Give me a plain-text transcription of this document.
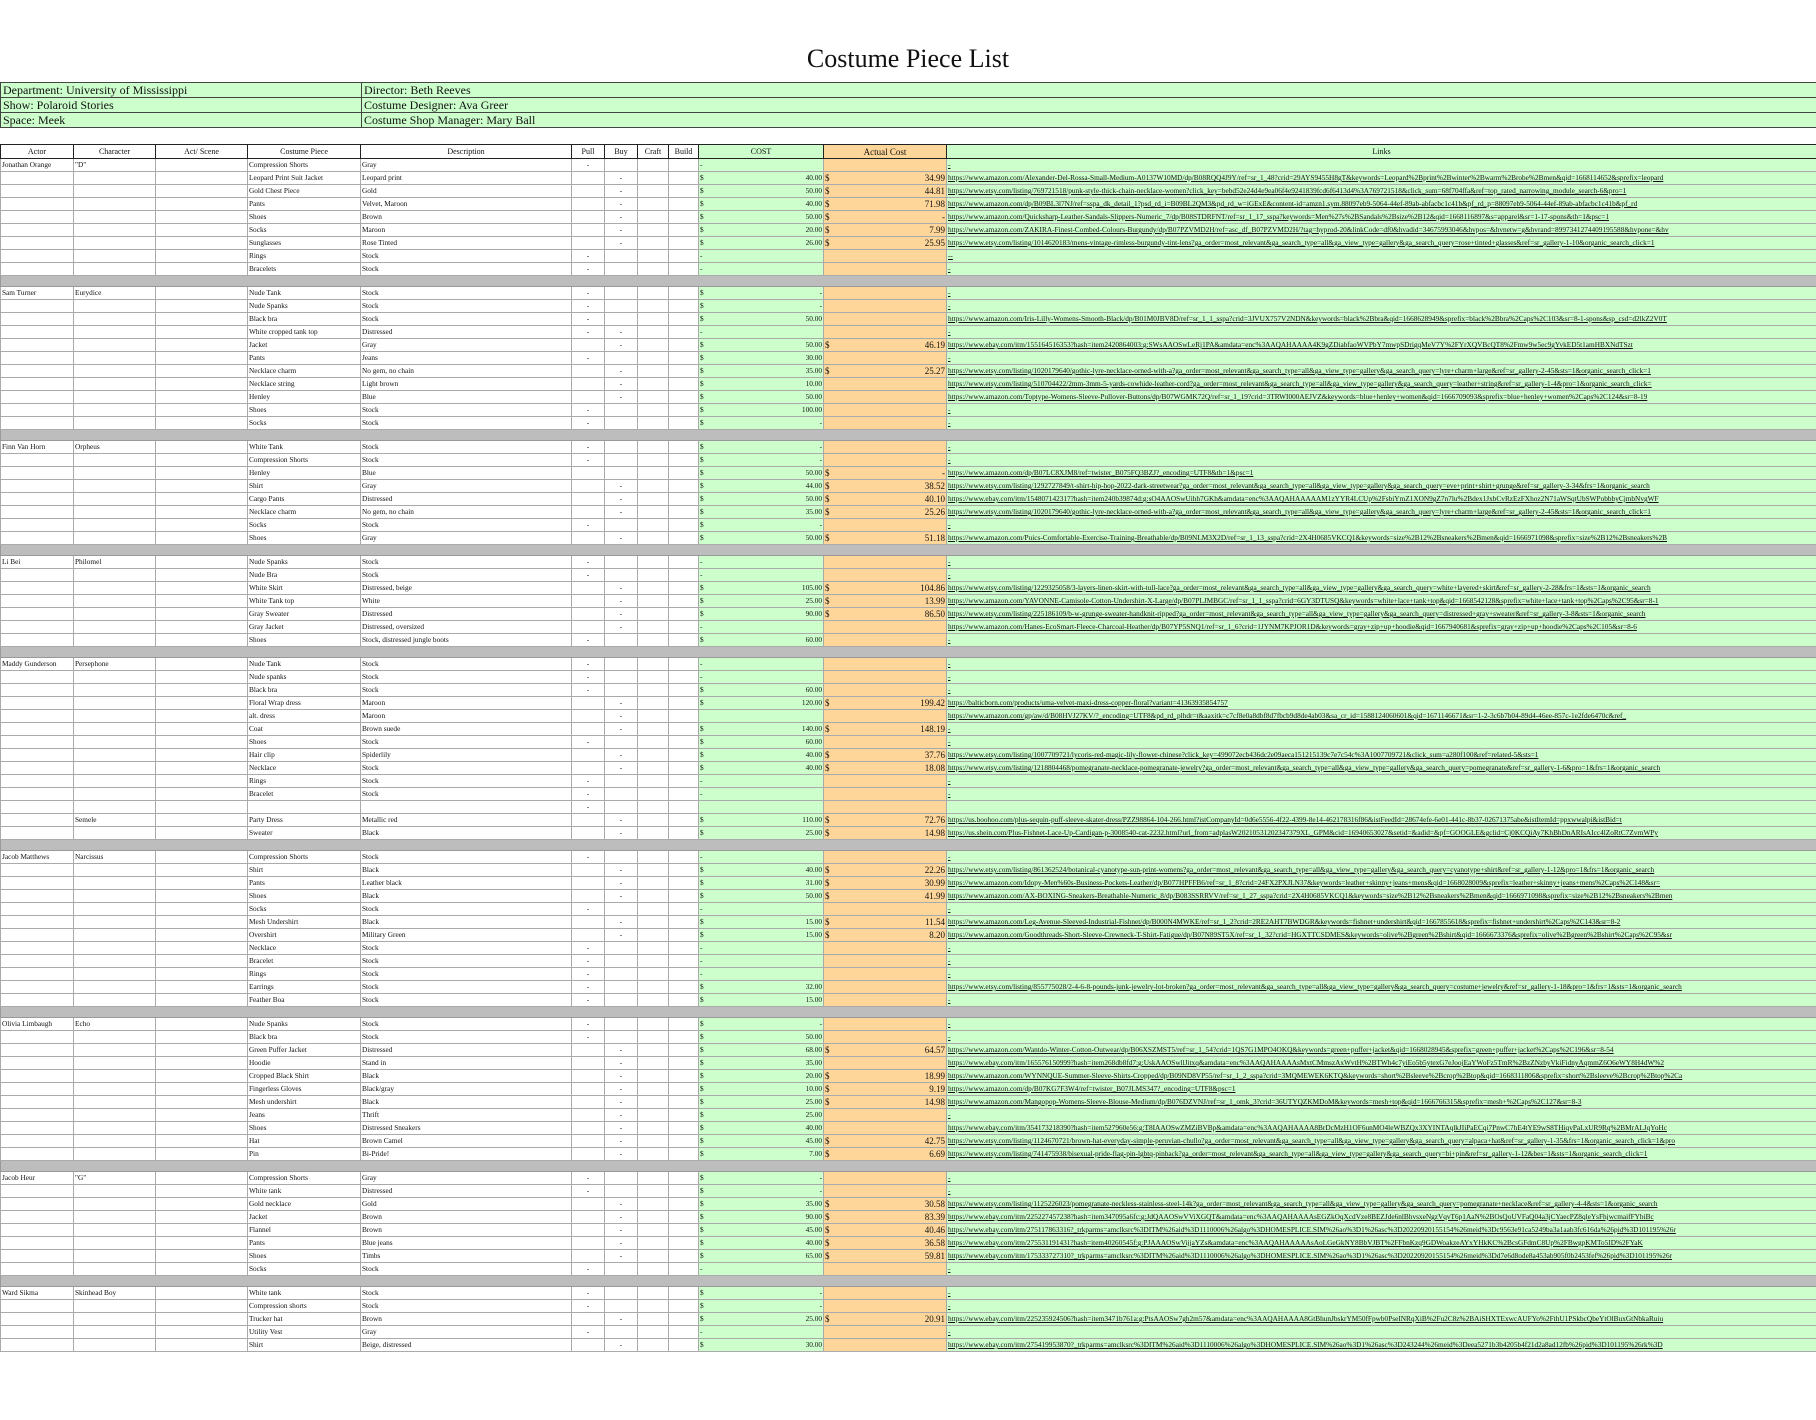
Costume Piece List
Department: University of Mississippi	Director: Beth Reeves
Show: Polaroid Stories	Costume Designer: Ava Greer
Space: Meek	Costume Shop Manager: Mary Ball
Actor	Character	Act/ Scene	Costume Piece	Description	Pull	Buy	Craft	Build	COST	Actual Cost	Links
Jonathan Orange	"D"		Compression Shorts	Gray	-				-		-
			Leopard Print Suit Jacket	Leopard print		-			$ 40.00	$ 34.99	https://www.amazon.com/Alexander-Del-Rossa-Small-Medium-A0137W10MD/dp/B08RQQ4J9Y/ref=sr_1_48?crid=29AYS9455H8gT&keywords=Leopard%2Bprint%2Bwinter%2Bwarm%2Brobe%2Bmen&qid=1668114652&sprefix=leopard
			Gold Chest Piece	Gold		-			$ 50.00	$ 44.81	https://www.etsy.com/listing/769721518/punk-style-thick-chain-necklace-women?click_key=bebd52e24d4e9ea06f4e9241839fcd6f6413d4%3A769721518&click_sum=68f704ffa&ref=top_rated_narrowing_module_search-6&pro=1
			Pants	Velvet, Maroon		-			$ 40.00	$ 71.98	https://www.amazon.com/dp/B09BL3l7NJ/ref=sspa_dk_detail_1?psd_rd_i=B09BL2QM3&pd_rd_w=iGExE&content-id=amzn1.sym.88097eb9-5064-44ef-89ab-abfacbc1c41b&pf_rd_p=88097eb9-5064-44ef-89ab-abfacbc1c41b&pf_rd
			Shoes	Brown		-			$ 50.00	$ -	https://www.amazon.com/Quicksharp-Leather-Sandals-Slippers-Numeric_7/dp/B08STDRFNT/ref=sr_1_17_sspa?keywords=Men%27s%2BSandals%2Bsize%2B12&qid=1668116897&s=apparel&sr=1-17-spons&th=1&psc=1
			Socks	Maroon		-			$ 20.00	$ 7.99	https://www.amazon.com/ZAKIRA-Finest-Combed-Colours-Burgundy/dp/B07PZVMD2H/ref=asc_df_B07PZVMD2H/?tag=hyprod-20&linkCode=df0&hvadid=34675993046&hvpos=&hvnetw=g&hvrand=8997341274409195588&hvpone=&hv
			Sunglasses	Rose Tinted		-			$ 26.00	$ 25.95	https://www.etsy.com/listing/1014620183/mens-vintage-rimless-burgundy-tint-lens?ga_order=most_relevant&ga_search_type=all&ga_view_type=gallery&ga_search_query=rose+tinted+glasses&ref=sr_gallery-1-10&organic_search_click=1
			Rings	Stock	-				-		--
			Bracelets	Stock	-				-		-

Sam Turner	Eurydice		Nude Tank	Stock	-				$ -		-
			Nude Spanks	Stock	-				$ -		-
			Black bra	Stock	-				$ 50.00		https://www.amazon.com/Iris-Lilly-Womens-Smooth-Black/dp/B01M0JBV8D/ref=sr_1_1_sspa?crid=3JVUX757V2NDN&keywords=black%2Bbra&qid=1668628949&sprefix=black%2Bbra%2Caps%2C103&sr=8-1-spons&sp_csd=d2lkZ2V0T
			White cropped tank top	Distressed	-	-			-		-
			Jacket	Gray		-			$ 50.00	$ 46.19	https://www.ebay.com/itm/155164516353?hash=item2420864003:g:SWsAAOSwLeRj1PA&amdata=enc%3AAQAHAAAA4K9gZDiabfaoWVPbY7mwpSDrigqMeV7Y%2FYrXQVBcQT8%2Fmw9w5ec9gYvkED5t1amHBXNdTSzt
			Pants	Jeans	-				$ 30.00		-
			Necklace charm	No gem, no chain		-			$ 35.00	$ 25.27	https://www.etsy.com/listing/1020179640/gothic-lyre-necklace-orned-with-a?ga_order=most_relevant&ga_search_type=all&ga_view_type=gallery&ga_search_query=lyre+charm+large&ref=sr_gallery-2-45&sts=1&organic_search_click=1
			Necklace string	Light brown		-			$ 10.00		https://www.etsy.com/listing/510704422/2mm-3mm-5-yards-cowhide-leather-cord?ga_order=most_relevant&ga_search_type=all&ga_view_type=gallery&ga_search_query=leather+string&ref=sr_gallery-1-4&pro=1&organic_search_click=
			Henley	Blue		-			$ 50.00		https://www.amazon.com/Toptype-Womens-Sleeve-Pullover-Buttons/dp/B07WGMK72Q/ref=sr_1_19?crid=3TRWI000AEJVZ&keywords=blue+henley+women&qid=1666709093&sprefix=blue+henley+women%2Caps%2C124&sr=8-19
			Shoes	Stock	-				$ 100.00		-
			Socks	Stock	-				$ -		-

Finn Van Horn	Orpheus		White Tank	Stock	-				$ -		-
			Compression Shorts	Stock	-				$ -		-
			Henley	Blue					$ 50.00	$ -	https://www.amazon.com/dp/B07LC8XJM8/ref=twister_B075FQ3BZJ?_encoding=UTF8&th=1&psc=1
			Shirt	Gray		-			$ 44.00	$ 38.52	https://www.etsy.com/listing/1292727849/t-shirt-hip-hop-2022-dark-streetwear?ga_order=most_relevant&ga_search_type=all&ga_view_type=gallery&ga_search_query=eve+print+shirt+grunge&ref=sr_gallery-3-34&frs=1&organic_search
			Cargo Pants	Distressed		-			$ 50.00	$ 40.10	https://www.ebay.com/itm/154807142317?hash=item240b39874d:g:sO4AAOSwUihh7GKh&amdata=enc%3AAQAHAAAAAM1zYYR4LCUp%2FsbiYmZ1XON9gZ7n7lu%2Bdex1JxbCvRzEzFXhoz2N71aWSqtUbSWPobbbyCjmbNvgWF
			Necklace charm	No gem, no chain		-			$ 35.00	$ 25.26	https://www.etsy.com/listing/1020179640/gothic-lyre-necklace-orned-with-a?ga_order=most_relevant&ga_search_type=all&ga_view_type=gallery&ga_search_query=lyre+charm+large&ref=sr_gallery-2-45&sts=1&organic_search_click=1
			Socks	Stock	-				$ -		-
			Shoes	Gray		-			$ 50.00	$ 51.18	https://www.amazon.com/Puics-Comfortable-Exercise-Training-Breathable/dp/B09NLM3X2D/ref=sr_1_13_sspa?crid=2X4H0685VKCQ1&keywords=size%2B12%2Bsneakers%2Bmen&qid=1666971098&sprefix=size%2B12%2Bsneakers%2B

Li Bei	Philomel		Nude Spanks	Stock	-				-		-
			Nude Bra	Stock	-				-		-
			White Skirt	Distressed, beige		-			$ 105.00	$ 104.86	https://www.etsy.com/listing/1229325058/3-layers-linen-skirt-with-tull-lace?ga_order=most_relevant&ga_search_type=all&ga_view_type=gallery&ga_search_query=white+layered+skirt&ref=sr_gallery-2-28&frs=1&sts=1&organic_search
			White Tank top	White		-			$ 25.00	$ 13.99	https://www.amazon.com/YAVONNE-Camisole-Cotton-Undershirt-X-Large/dp/B07PLJMBGC/ref=sr_1_1_sspa?crid=6GY3DTUSQ&keywords=white+lace+tank+top&qid=1668542128&sprefix=white+lace+tank+top%2Caps%2C95&sr=8-1
			Gray Sweater	Distressed		-			$ 90.00	$ 86.50	https://www.etsy.com/listing/225186109/b-w-grunge-sweater-handknit-ripped?ga_order=most_relevant&ga_search_type=all&ga_view_type=gallery&ga_search_query=distressed+gray+sweater&ref=sr_gallery-3-8&sts=1&organic_search
			Gray Jacket	Distressed, oversized		-			-		https://www.amazon.com/Hanes-EcoSmart-Fleece-Charcoal-Heather/dp/B07YP5SNQ1/ref=sr_1_6?crid=1JYNM7KPJOR1D&keywords=gray+zip+up+hoodie&qid=1667940681&sprefix=gray+zip+up+hoodie%2Caps%2C105&sr=8-6
			Shoes	Stock, distressed jungle boots	-				$ 60.00		-

Maddy Gunderson	Persephone		Nude Tank	Stock	-				-		-
			Nude spanks	Stock	-				-		-
			Black bra	Stock	-				$ 60.00		-
			Floral Wrap dress	Maroon		-			$ 120.00	$ 199.42	https://balticborn.com/products/uma-velvet-maxi-dress-copper-floral?variant=41363935854757
			alt. dress	Maroon		-					https://www.amazon.com/gp/aw/d/B08HVJ27KV/?_encoding=UTF8&pd_rd_plhdr=t&aaxitk=c7cf8e0a8dbf8d7fbcb9d8de4ab03&sa_cr_id=1588124060601&qid=1671146671&sr=1-2-3c6b7b04-89d4-46ee-857c-1e2fde6470c&ref_
			Coat	Brown suede		-			$ 140.00	$ 148.19	-
			Shoes	Stock	-				$ 60.00		-
			Hair clip	Spiderlily		-			$ 40.00	$ 37.76	https://www.etsy.com/listing/1007709721/lycoris-red-magic-lily-flower-chinese?click_key=499072ecb436dc2e09aeca151215139c7e7c54c%3A1007709721&click_sum=a280f100&ref=related-5&sts=1
			Necklace	Stock		-			$ 40.00	$ 18.08	https://www.etsy.com/listing/1218804468/pomegranate-necklace-pomegranate-jewelry?ga_order=most_relevant&ga_search_type=all&ga_view_type=gallery&ga_search_query=pomegranate&ref=sr_gallery-1-6&pro=1&frs=1&organic_search
			Rings	Stock	-				-		-
			Bracelet	Stock	-				-		-
					-						
	Semele		Party Dress	Metallic red		-			$ 110.00	$ 72.76	https://us.boohoo.com/plus-sequin-puff-sleeve-skater-dress/PZZ98864-104-266.html?istCompanyId=0d6e5556-4f22-4399-8e14-462178316f86&istFeedId=28674efe-6e01-441c-8b37-02671375abe&istItemId=ppxwwalpi&istBid=t
			Sweater	Black		-			$ 25.00	$ 14.98	https://us.shein.com/Plus-Fishnet-Lace-Up-Cardigan-p-3008540-cat-2232.html?url_from=adplasW20210531202347379XL_GPM&cid=16940653027&setid=&adid=&pf=GOOGLE&gclid=Cj0KCQiAy7KhBhDnARIsAIcc4lZoRtC7ZvrnWPy

Jacob Matthews	Narcissus		Compression Shorts	Stock	-				-		-
			Shirt	Black		-			$ 40.00	$ 22.26	https://www.etsy.com/listing/861362524/botanical-cyanotype-sun-print-womens?ga_order=most_relevant&ga_search_type=all&ga_view_type=gallery&ga_search_query=cyanotype+shirt&ref=sr_gallery-1-12&pro=1&frs=1&organic_search
			Pants	Leather black		-			$ 31.00	$ 30.99	https://www.amazon.com/Idopy-Men%60s-Business-Pockets-Leather/dp/B077HPFFB6/ref=sr_1_8?crid=24FX2PXJLN37&keywords=leather+skinny+jeans+mens&qid=1668028009&sprefix=leather+skinny+jeans+mens%2Caps%2C148&sr=
			Shoes	Black		-			$ 50.00	$ 41.99	https://www.amazon.com/AX-BOXING-Sneakers-Breathable-Numeric_8/dp/B083SSRRVV/ref=sr_1_27_sspa?crid=2X4H0685VKCQ1&keywords=size%2B12%2Bsneakers%2Bmen&qid=1666971098&sprefix=size%2B12%2Bsneakers%2Bmen
			Socks	Stock	-				-		-
			Mesh Undershirt	Black		-			$ 15.00	$ 11.54	https://www.amazon.com/Leg-Avenue-Sleeved-Industrial-Fishnet/dp/B000N4MWKE/ref=sr_1_2?crid=2RE2AHT7BWDGR&keywords=fishnet+undershirt&qid=1667855618&sprefix=fishnet+undershirt%2Caps%2C143&sr=8-2
			Overshirt	Military Green		-			$ 15.00	$ 8.20	https://www.amazon.com/Goodthreads-Short-Sleeve-Crewneck-T-Shirt-Fatigue/dp/B07N89ST5X/ref=sr_1_32?crid=HGXTTCSDMES&keywords=olive%2Bgreen%2Bshirt&qid=1666673376&sprefix=olive%2Bgreen%2Bshirt%2Caps%2C95&sr
			Necklace	Stock	-				-		-
			Bracelet	Stock	-				-		-
			Rings	Stock	-				-		-
			Earrings	Stock	-				$ 32.00		https://www.etsy.com/listing/855775028/2-4-6-8-pounds-junk-jewelry-lot-broken?ga_order=most_relevant&ga_search_type=all&ga_view_type=gallery&ga_search_query=costume+jewelry&ref=sr_gallery-1-18&pro=1&frs=1&sts=1&organic_search
			Feather Boa	Stock	-				$ 15.00		-

Olivia Limbaugh	Echo		Nude Spanks	Stock	-				$ -		-
			Black bra	Stock	-				$ 50.00		-
			Green Puffer Jacket	Distressed		-			$ 68.00	$ 64.57	https://www.amazon.com/Wantdo-Winter-Cotton-Outwear/dp/B06XSZMST5/ref=sr_1_54?crid=1QS7G1MPO4OKQ&keywords=green+puffer+jacket&qid=1668028945&sprefix=green+puffer+jacket%2Caps%2C196&sr=8-54
			Hoodie	Stand in		-			$ 35.00		https://www.ebay.com/itm/165576150999?hash=item268db8fd7:g:UskAAOSwllJitxq&amdata=enc%3AAQAHAAAAsMxtCMmszAxWvtH%2BTWh4c7yiEo5b5ytexG7eJoojEaYWoFz5TmR%2BzZNzbyVkiFidnyAqmmZ6O6eWY8H4dW%2
			Cropped Black Shirt	Black		-			$ 20.00	$ 18.99	https://www.amazon.com/WYNNQUE-Summer-Sleeve-Shirts-Cropped/dp/B09ND8VP55/ref=sr_1_2_sspa?crid=3MQMEWEK6KTQ&keywords=short%2Bsleeve%2Bcrop%2Btop&qid=1668311806&sprefix=short%2Bsleeve%2Bcrop%2Btop%2Ca
			Fingerless Gloves	Black/gray		-			$ 10.00	$ 9.19	https://www.amazon.com/dp/B07KG7F3W4/ref=twister_B07JLMS347?_encoding=UTF8&psc=1
			Mesh undershirt	Black		-			$ 25.00	$ 14.98	https://www.amazon.com/Mangopop-Womens-Sleeve-Blouse-Medium/dp/B076DZVNJ/ref=sr_1_omk_3?crid=36UTYQZKMDoM&keywords=mesh+top&qid=1666766315&sprefix=mesh+%2Caps%2C127&sr=8-3
			Jeans	Thrift		-			$ 25.00		-
			Shoes	Distressed Sneakers		-			$ 40.00		https://www.ebay.com/itm/354173218390?hash=item527960e56:g:T8IAAOSwZMZiBVBp&amdata=enc%3AAQAHAAAA8BrDcMzH1OF6unMO4leWBZQx3XYINTAqlkJIiPaECqi7PnwC7hE4tYE9wS8THiqvPaLxUR9Rq%2BMrALJqYoHc
			Hat	Brown Camel		-			$ 45.00	$ 42.75	https://www.etsy.com/listing/1124670721/brown-hat-everyday-simple-peruvian-chullo?ga_order=most_relevant&ga_search_type=all&ga_view_type=gallery&ga_search_query=alpaca+hat&ref=sr_gallery-1-35&frs=1&organic_search_click=1&pro
			Pin	Bi-Pride!		-			$ 7.00	$ 6.69	https://www.etsy.com/listing/741475938/bisexual-pride-flag-pin-lgbtq-pinback?ga_order=most_relevant&ga_search_type=all&ga_view_type=gallery&ga_search_query=bi+pin&ref=sr_gallery-1-12&bes=1&sts=1&organic_search_click=1

Jacob Heur	"G"		Compression Shorts	Gray	-				$ -		-
			White tank	Distressed	-				$ -		-
			Gold necklace	Gold		-			$ 35.00	$ 30.58	https://www.etsy.com/listing/1125226023/pomegranate-neckless-stainless-steel-14k?ga_order=most_relevant&ga_search_type=all&ga_view_type=gallery&ga_search_query=pomegranate+necklace&ref=sr_gallery-4-4&sts=1&organic_search
			Jacket	Brown		-			$ 90.00	$ 83.39	https://www.ebay.com/itm/225227457238?hash=item347095a6fc:g:JdQAAOSwVViXGQT&amdata=enc%3AAQAHAAAAsEGZkOqXcdVze8BEZJde6nlBhvsxeNgzVqvT6p1AaN%2BOsQoUVFaQ04a3jCYaecPZ8qleYsFhjwcmaifFYbiBc
			Flannel	Brown		-			$ 45.00	$ 40.46	https://www.ebay.com/itm/275117863316?_trkparms=amclksrc%3DITM%26aid%3D1110006%26algo%3DHOMESPLICE.SIM%26ao%3D1%26asc%3D20220920155154%26meid%3Dc9563e91ca5249ba3a1aab3fc616da%26pid%3D101195%26r
			Pants	Blue jeans		-			$ 40.00	$ 36.58	https://www.ebay.com/itm/275531191431?hash=item40260545f:g:PJAAAOSwVijjaYZs&amdata=enc%3AAQAHAAAAAsAoLGeGkNY8BbVJBT%2FFbnKzq9GDWoakzeAYxYHkKC%2BcsGFdmC8Up%2FBwgpKMTo5ID%2FYaK
			Shoes	Timbs		-			$ 65.00	$ 59.81	https://www.ebay.com/itm/175333727310?_trkparms=amclksrc%3DITM%26aid%3D1110006%26algo%3DHOMESPLICE.SIM%26ao%3D1%26asc%3D20220920155154%26meid%3Dd7e6d8ode8a453ab905f0b2453fef%26pid%3D101195%26r
			Socks	Stock	-				-		-

Ward Sikma	Skinhead Boy		White tank	Stock	-				$ -		-
			Compression shorts	Stock	-				$ -		-
			Trucker hat	Brown		-			$ 25.00	$ 20.91	https://www.ebay.com/itm/225235924506?hash=item3471b761a:g:PtsAAOSw7gh2m57&amdata=enc%3AAQAHAAAA8GtBhunJbskrYM50fFpwb0PseINRqXiB%2Fu2C8z%2BAiSHXTExwcAUFYo%2FthU1PSkbcQbeYtOlBuxGtNbkaRuiu
			Utility Vest	Gray	-				-		-
			Shirt	Beige, distressed		-			$ 30.00		https://www.ebay.com/itm/275419953870?_trkparms=amclksrc%3DITM%26aid%3D1110006%26algo%3DHOMESPLICE.SIM%26ao%3D1%26asc%3D243244%26meid%3Deea5271b3b4205b4f21d2a8ad12fb%26pid%3D101195%26rk%3D
